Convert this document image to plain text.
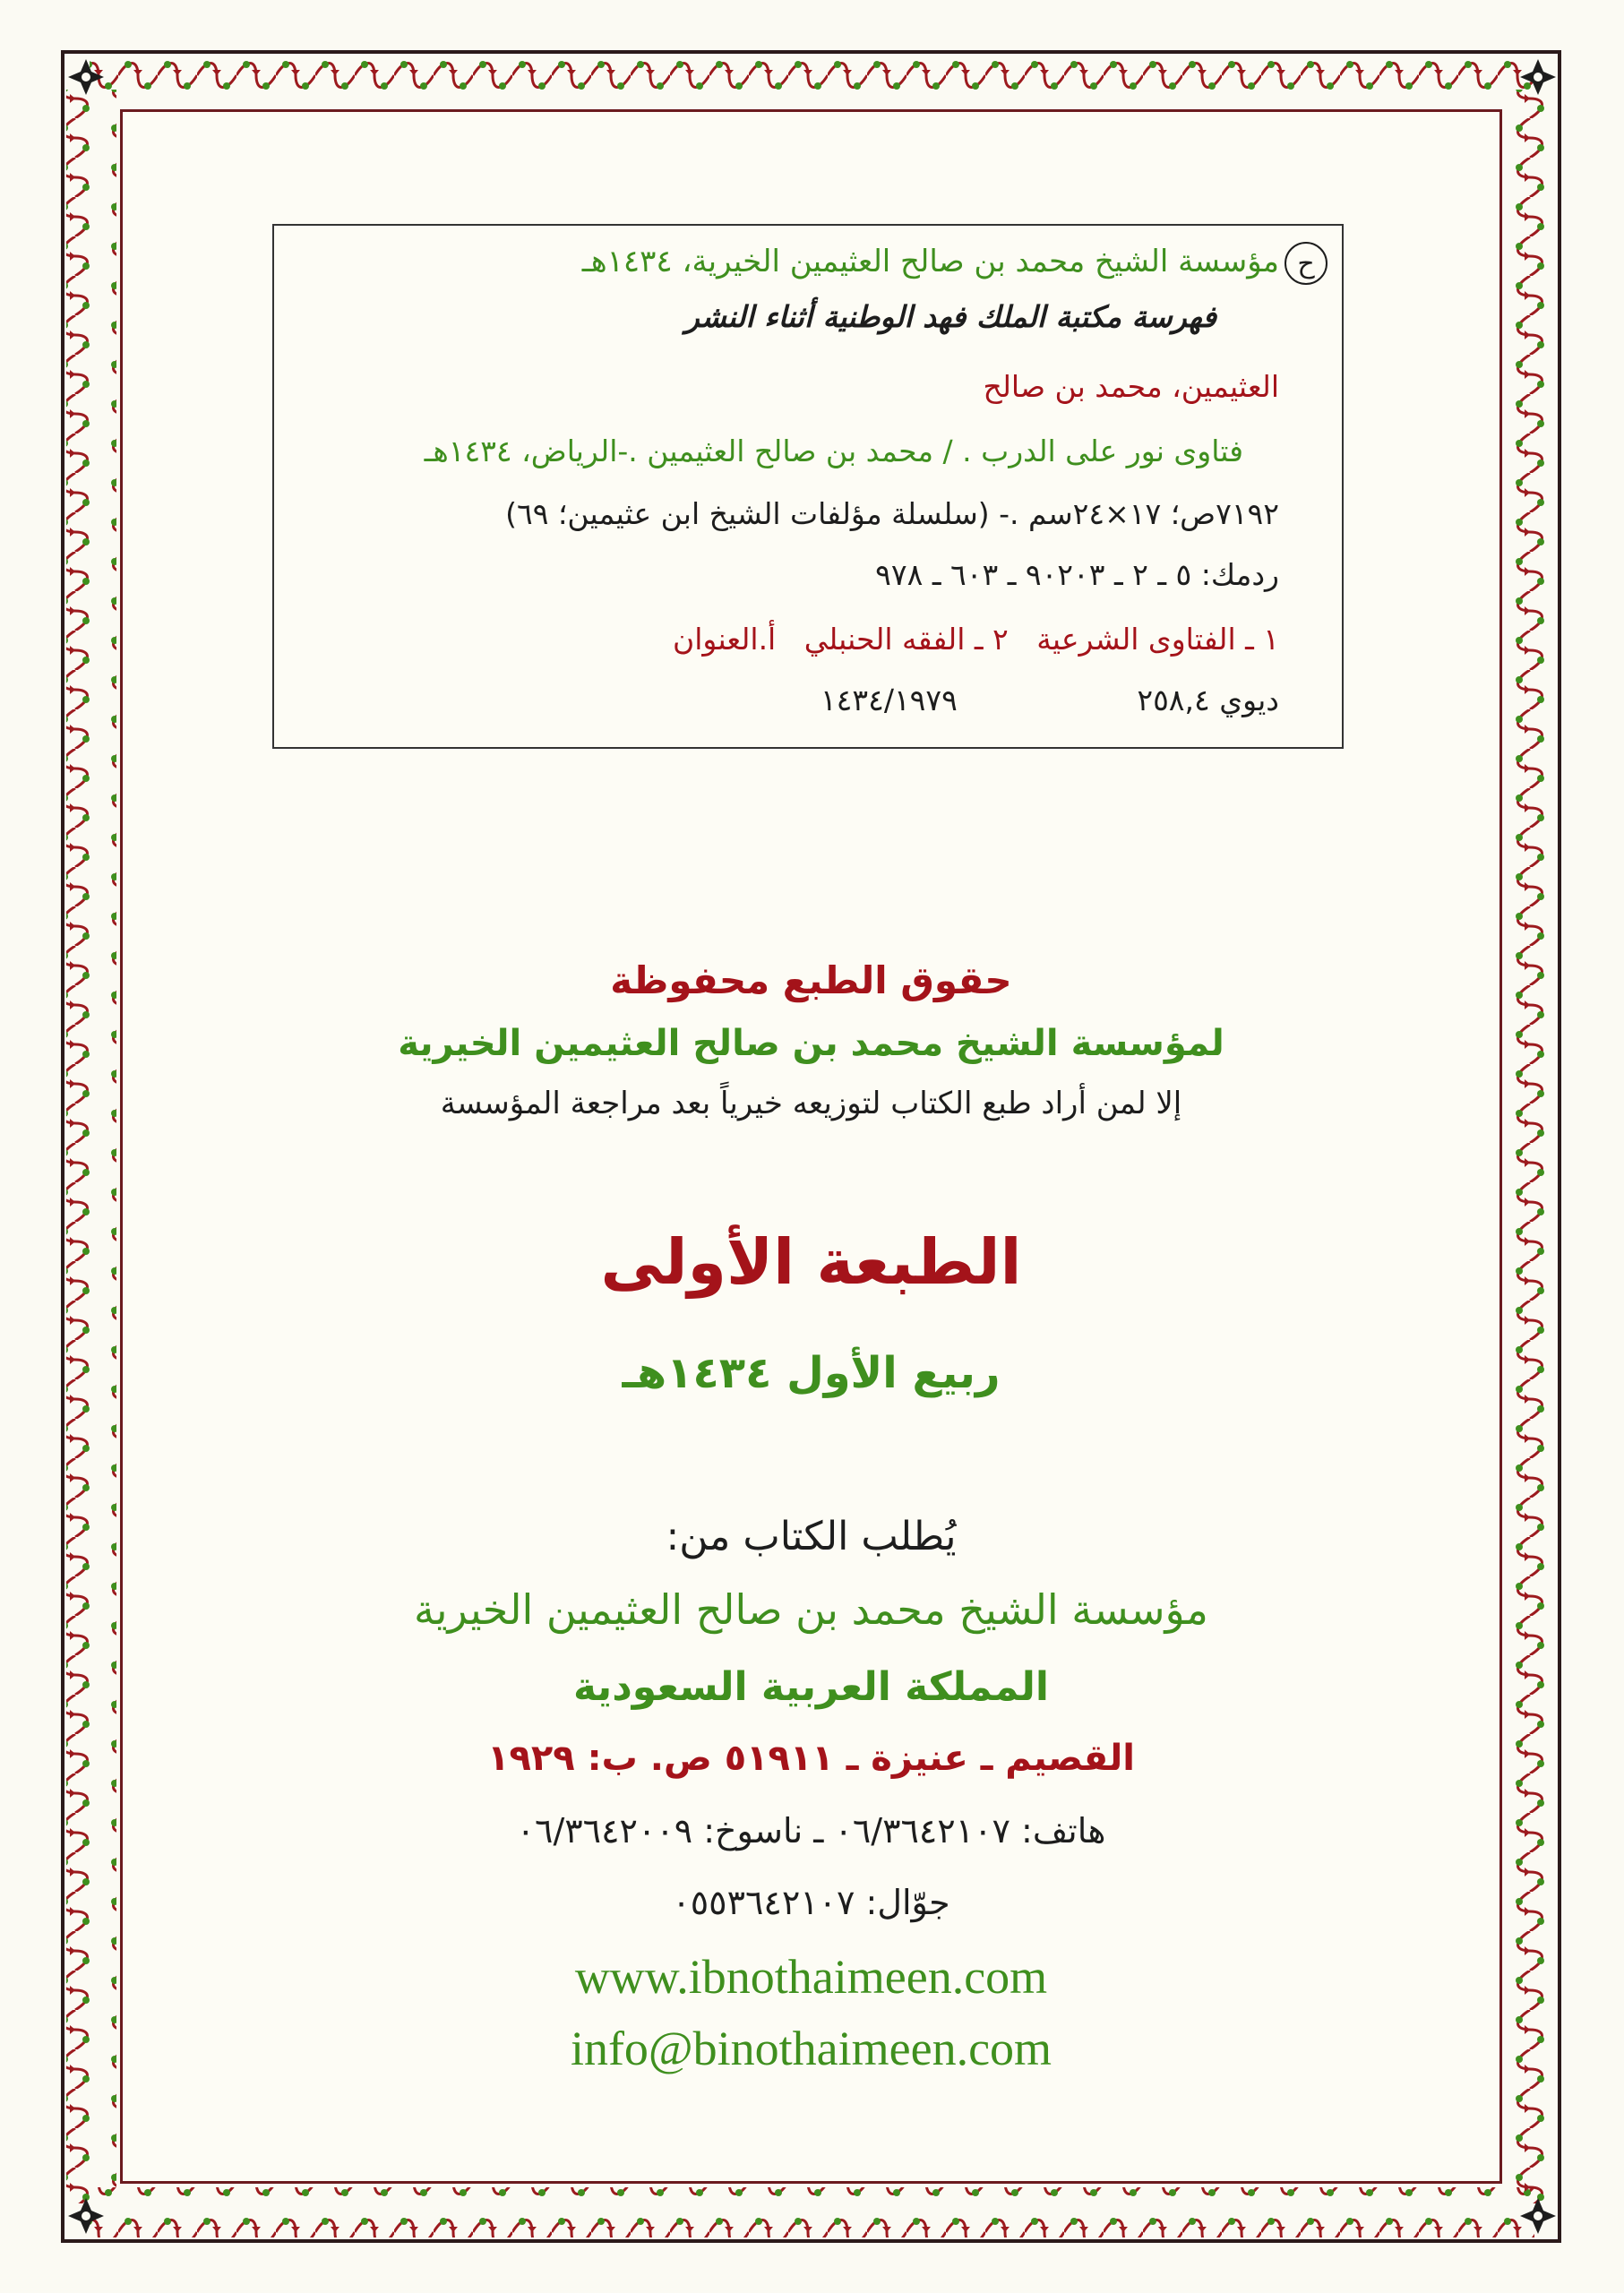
ح
مؤسسة الشيخ محمد بن صالح العثيمين الخيرية، ١٤٣٤هـ
فهرسة مكتبة الملك فهد الوطنية أثناء النشر
العثيمين، محمد بن صالح
فتاوى نور على الدرب . / محمد بن صالح العثيمين .-الرياض، ١٤٣٤هـ
٧١٩٢ص؛ ١٧×٢٤سم .- (سلسلة مؤلفات الشيخ ابن عثيمين؛ ٦٩)
ردمك: ٥ ـ ٢ ـ ٩٠٢٠٣ ـ ٦٠٣ ـ ٩٧٨
١ ـ الفتاوى الشرعية   ٢ ـ الفقه الحنبلي   أ.العنوان
ديوي ٢٥٨,٤ ١٤٣٤/١٩٧٩
حقوق الطبع محفوظة
لمؤسسة الشيخ محمد بن صالح العثيمين الخيرية
إلا لمن أراد طبع الكتاب لتوزيعه خيرياً بعد مراجعة المؤسسة
الطبعة الأولى
ربيع الأول ١٤٣٤هـ
يُطلب الكتاب من:
مؤسسة الشيخ محمد بن صالح العثيمين الخيرية
المملكة العربية السعودية
القصيم ـ عنيزة ـ ٥١٩١١ ص. ب: ١٩٢٩
هاتف: ٠٦/٣٦٤٢١٠٧ ـ ناسوخ: ٠٦/٣٦٤٢٠٠٩
جوّال: ٠٥٥٣٦٤٢١٠٧
www.ibnothaimeen.com
info@binothaimeen.com
